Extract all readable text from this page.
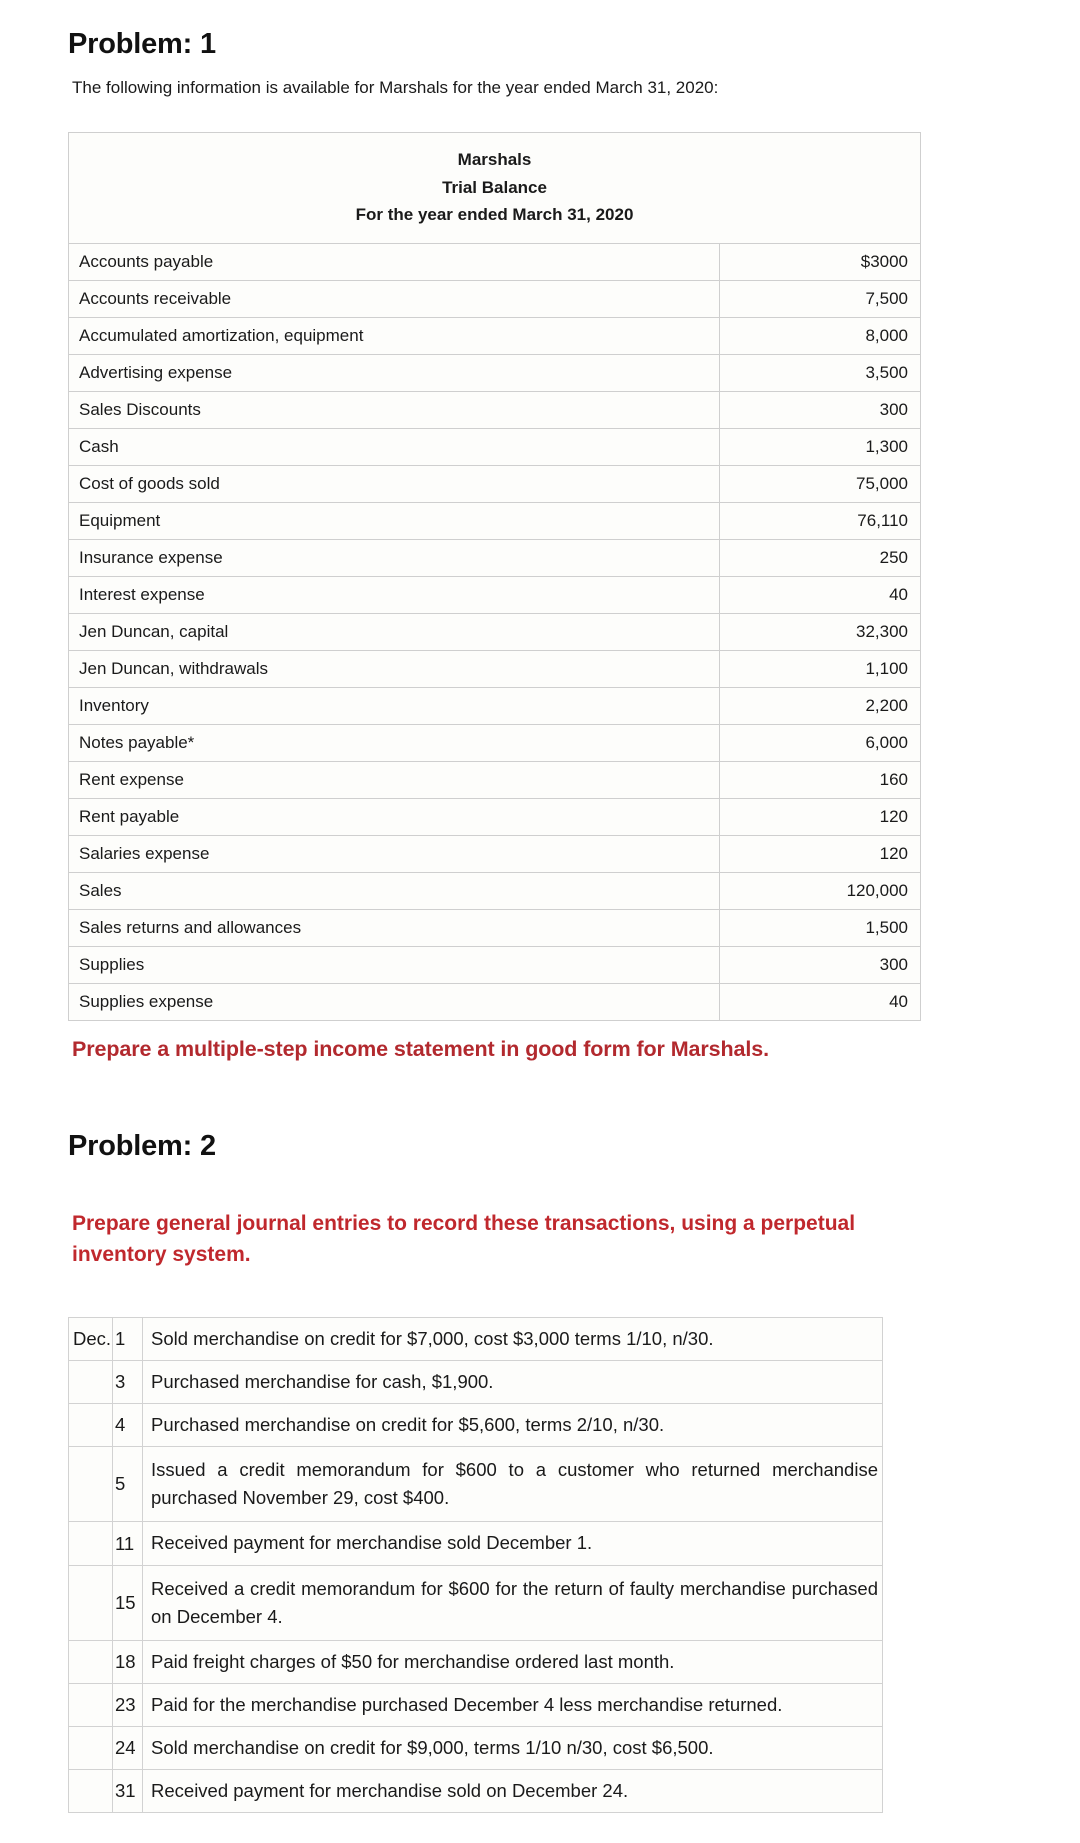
Problem: 1

The following information is available for Marshals for the year ended March 31, 2020:

Marshals
Trial Balance
For the year ended March 31, 2020	

Accounts payable	$3000
Accounts receivable	7,500
Accumulated amortization, equipment	8,000
Advertising expense	3,500
Sales Discounts	300
Cash	1,300
Cost of goods sold	75,000
Equipment	76,110
Insurance expense	250
Interest expense	40
Jen Duncan, capital	32,300
Jen Duncan, withdrawals	1,100
Inventory	2,200
Notes payable*	6,000
Rent expense	160
Rent payable	120
Salaries expense	120
Sales	120,000
Sales returns and allowances	1,500
Supplies	300
Supplies expense	40

Prepare a multiple-step income statement in good form for Marshals.

Problem: 2

Prepare general journal entries to record these transactions, using a perpetual inventory system.

Dec.	1	Sold merchandise on credit for $7,000, cost $3,000 terms 1/10, n/30.
	3	Purchased merchandise for cash, $1,900.
	4	Purchased merchandise on credit for $5,600, terms 2/10, n/30.
	5	Issued a credit memorandum for $600 to a customer who returned merchandise purchased November 29, cost $400.
	11	Received payment for merchandise sold December 1.
	15	Received a credit memorandum for $600 for the return of faulty merchandise purchased on December 4.
	18	Paid freight charges of $50 for merchandise ordered last month.
	23	Paid for the merchandise purchased December 4 less merchandise returned.
	24	Sold merchandise on credit for $9,000, terms 1/10 n/30, cost $6,500.
	31	Received payment for merchandise sold on December 24.
